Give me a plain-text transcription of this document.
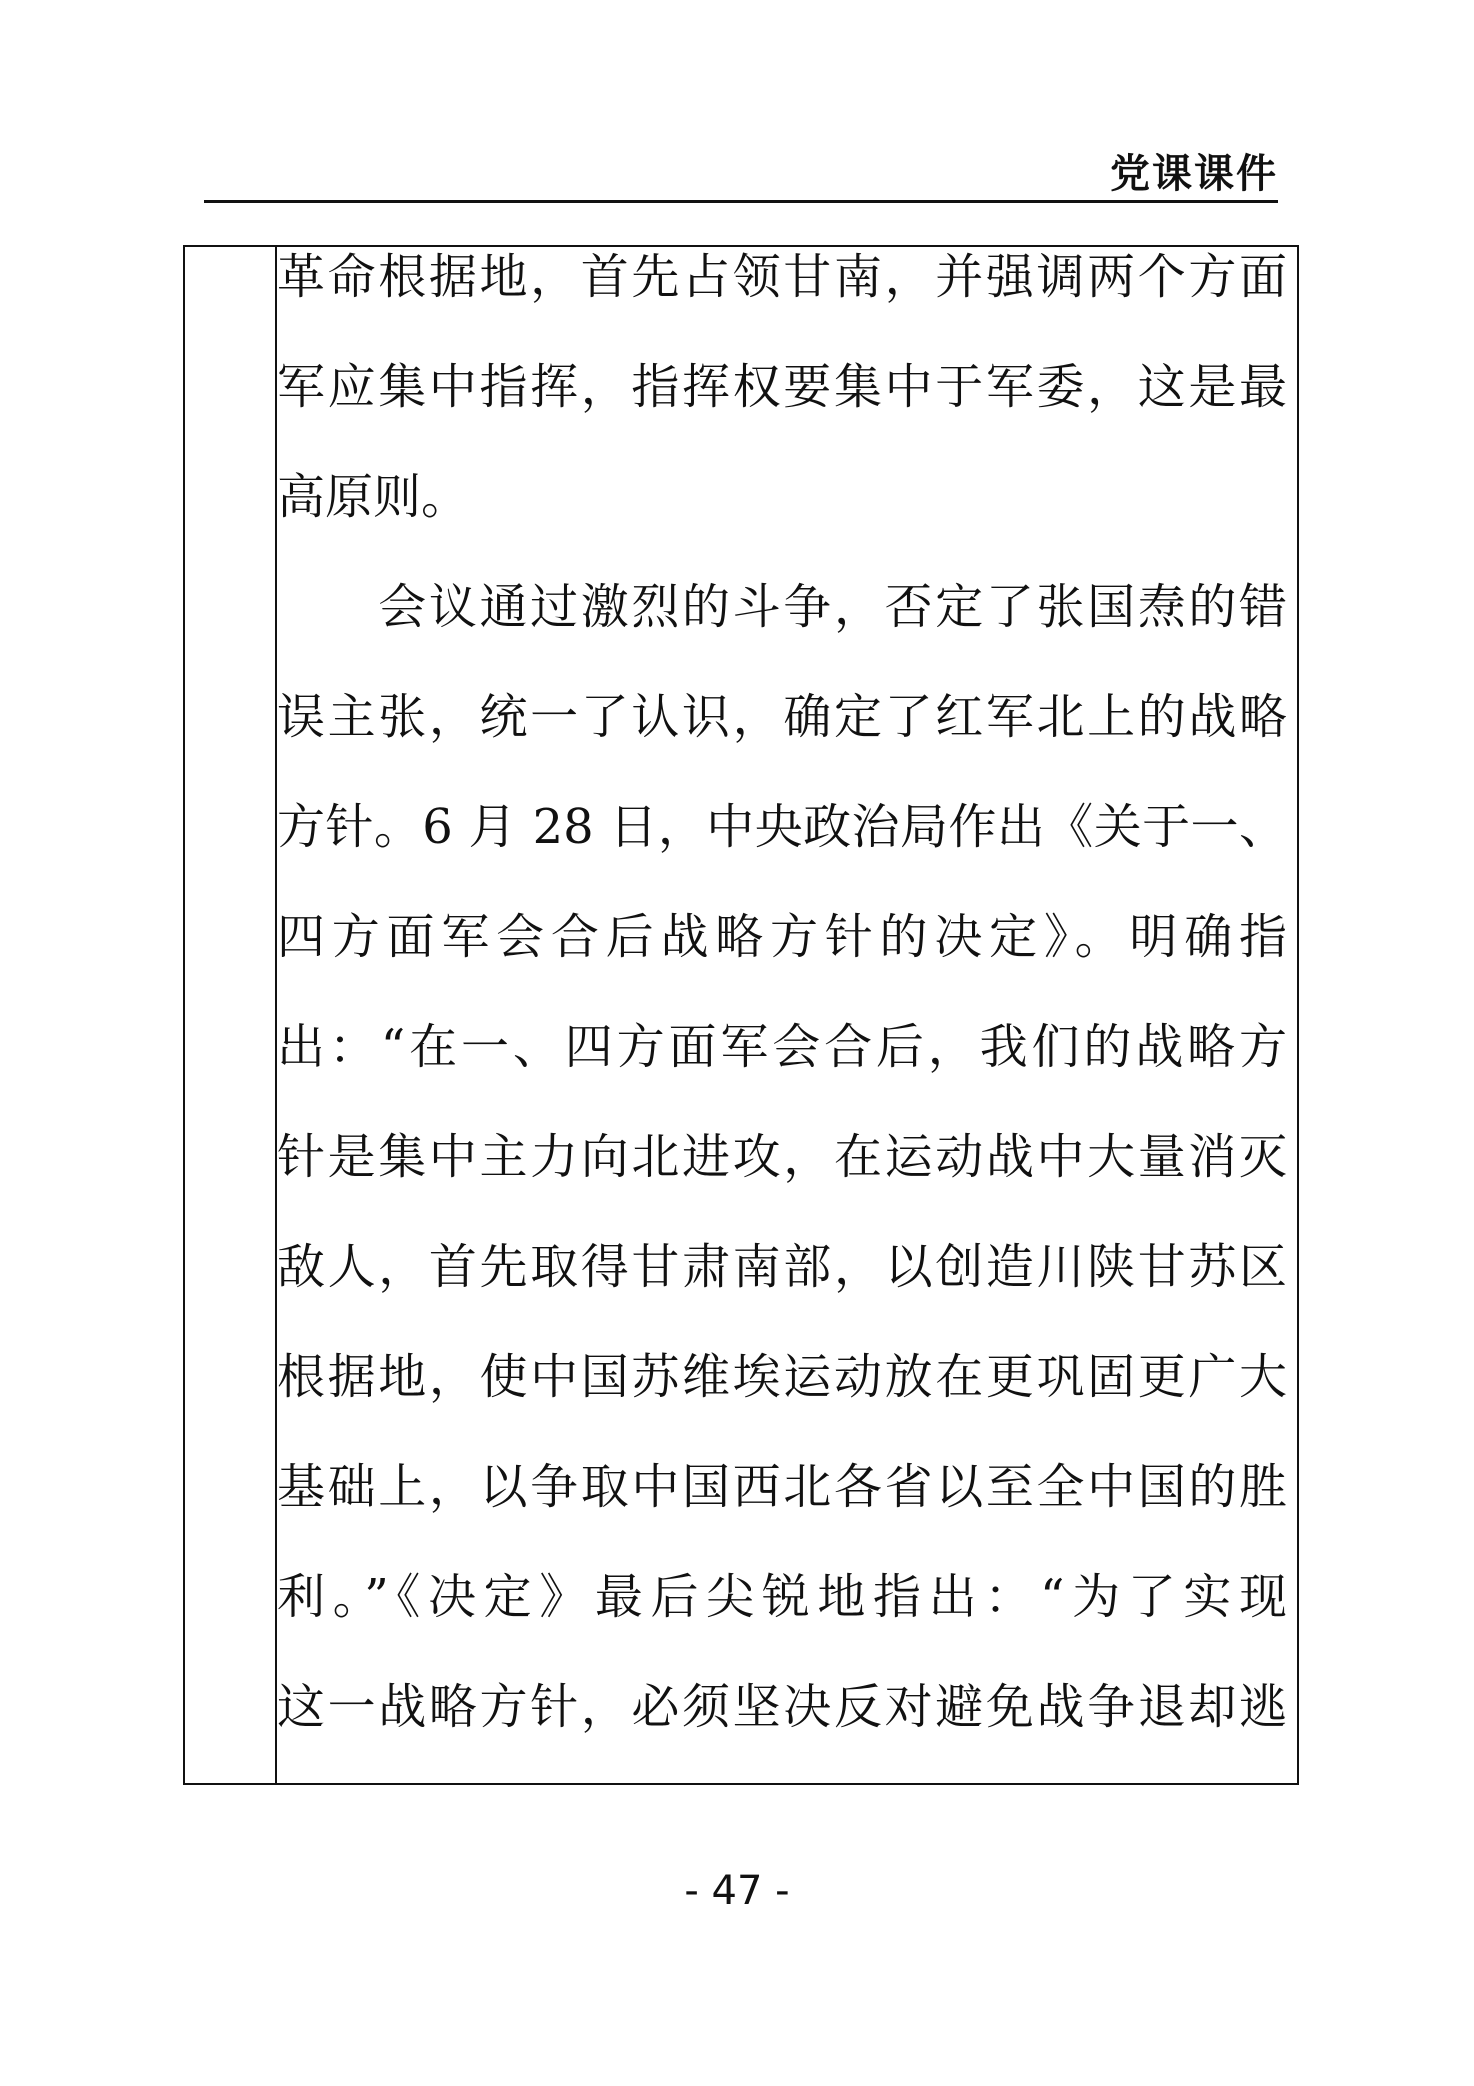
党课课件
革命根据地，首先占领甘南，并强调两个方面
军应集中指挥，指挥权要集中于军委，这是最
高原则。
　　会议通过激烈的斗争，否定了张国焘的错
误主张，统一了认识，确定了红军北上的战略
方针。6 月 28 日，中央政治局作出《关于一、
四方面军会合后战略方针的决定》。明确指
出：“在一、四方面军会合后，我们的战略方
针是集中主力向北进攻，在运动战中大量消灭
敌人，首先取得甘肃南部，以创造川陕甘苏区
根据地，使中国苏维埃运动放在更巩固更广大
基础上，以争取中国西北各省以至全中国的胜
利。”《决定》最后尖锐地指出：“为了实现
这一战略方针，必须坚决反对避免战争退却逃
- 47 -
